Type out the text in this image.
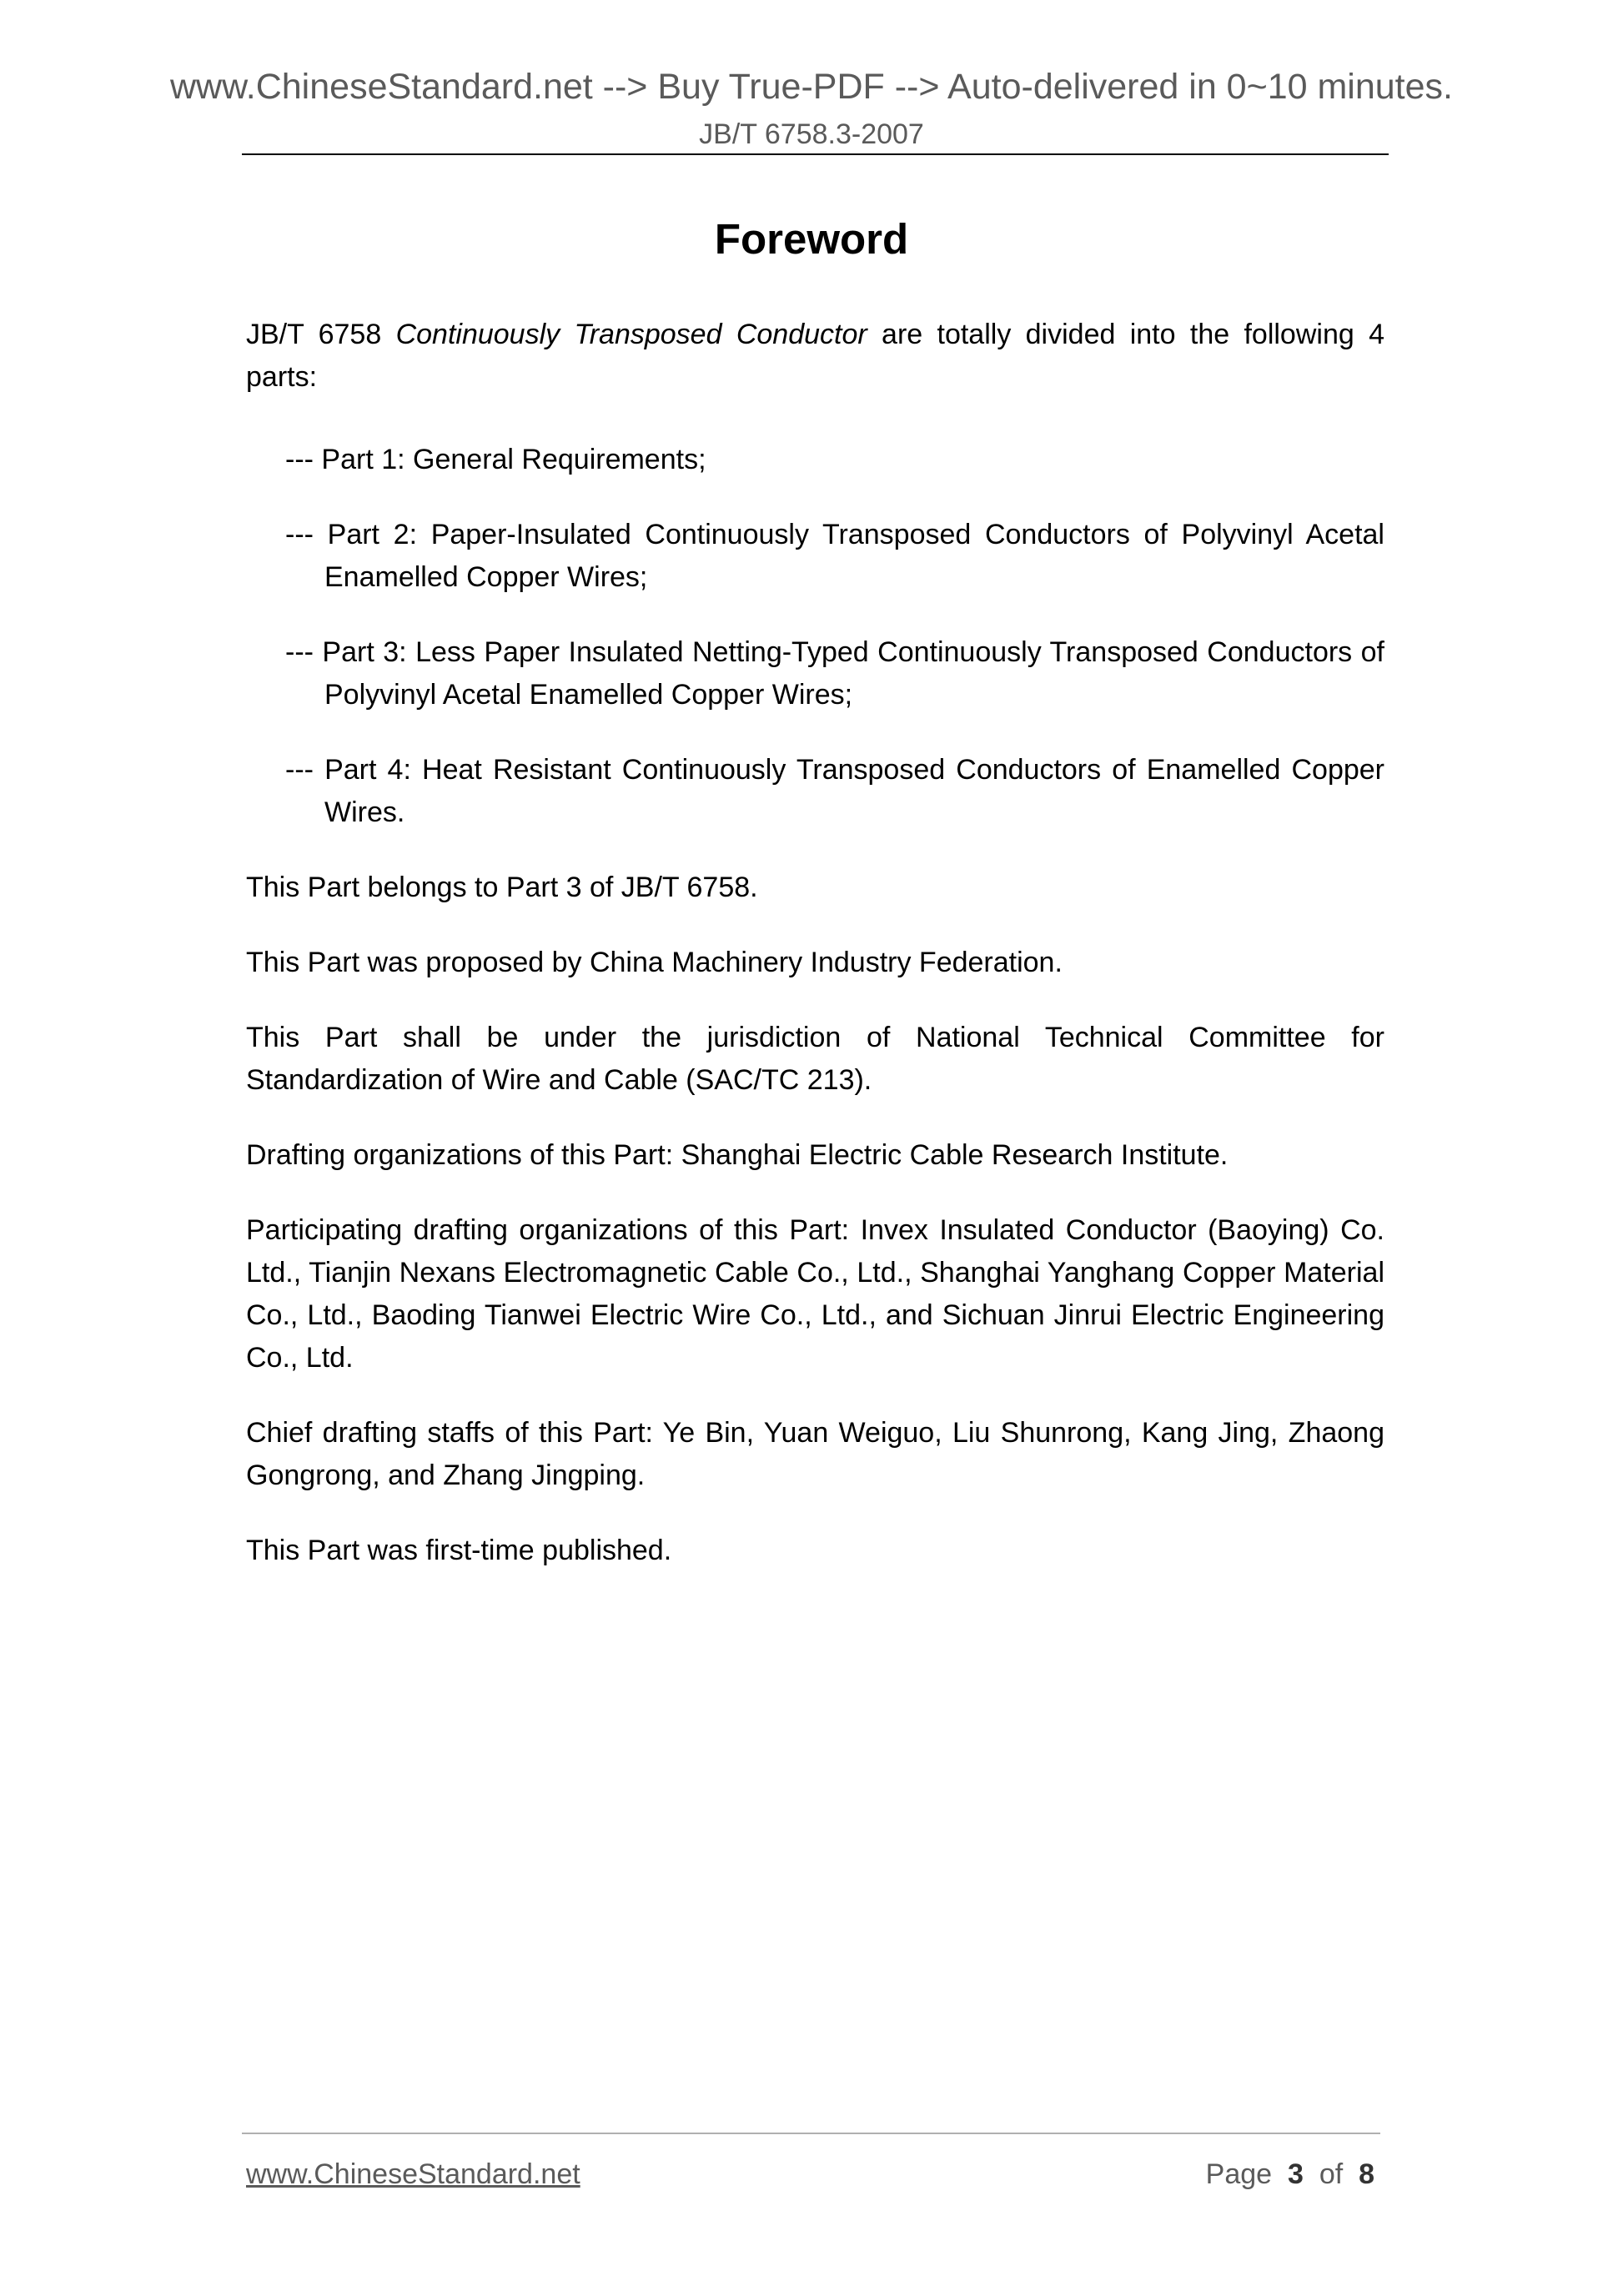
www.ChineseStandard.net --> Buy True-PDF --> Auto-delivered in 0~10 minutes.
JB/T 6758.3-2007
Foreword

JB/T 6758 Continuously Transposed Conductor are totally divided into the following 4 parts:

--- Part 1: General Requirements;

--- Part 2: Paper-Insulated Continuously Transposed Conductors of Polyvinyl Acetal Enamelled Copper Wires;

--- Part 3: Less Paper Insulated Netting-Typed Continuously Transposed Conductors of Polyvinyl Acetal Enamelled Copper Wires;

--- Part 4: Heat Resistant Continuously Transposed Conductors of Enamelled Copper Wires.

This Part belongs to Part 3 of JB/T 6758.

This Part was proposed by China Machinery Industry Federation.

This Part shall be under the jurisdiction of National Technical Committee for Standardization of Wire and Cable (SAC/TC 213).

Drafting organizations of this Part: Shanghai Electric Cable Research Institute.

Participating drafting organizations of this Part: Invex Insulated Conductor (Baoying) Co. Ltd., Tianjin Nexans Electromagnetic Cable Co., Ltd., Shanghai Yanghang Copper Material Co., Ltd., Baoding Tianwei Electric Wire Co., Ltd., and Sichuan Jinrui Electric Engineering Co., Ltd.

Chief drafting staffs of this Part: Ye Bin, Yuan Weiguo, Liu Shunrong, Kang Jing, Zhaong Gongrong, and Zhang Jingping.

This Part was first-time published.

www.ChineseStandard.net	Page 3 of 8
